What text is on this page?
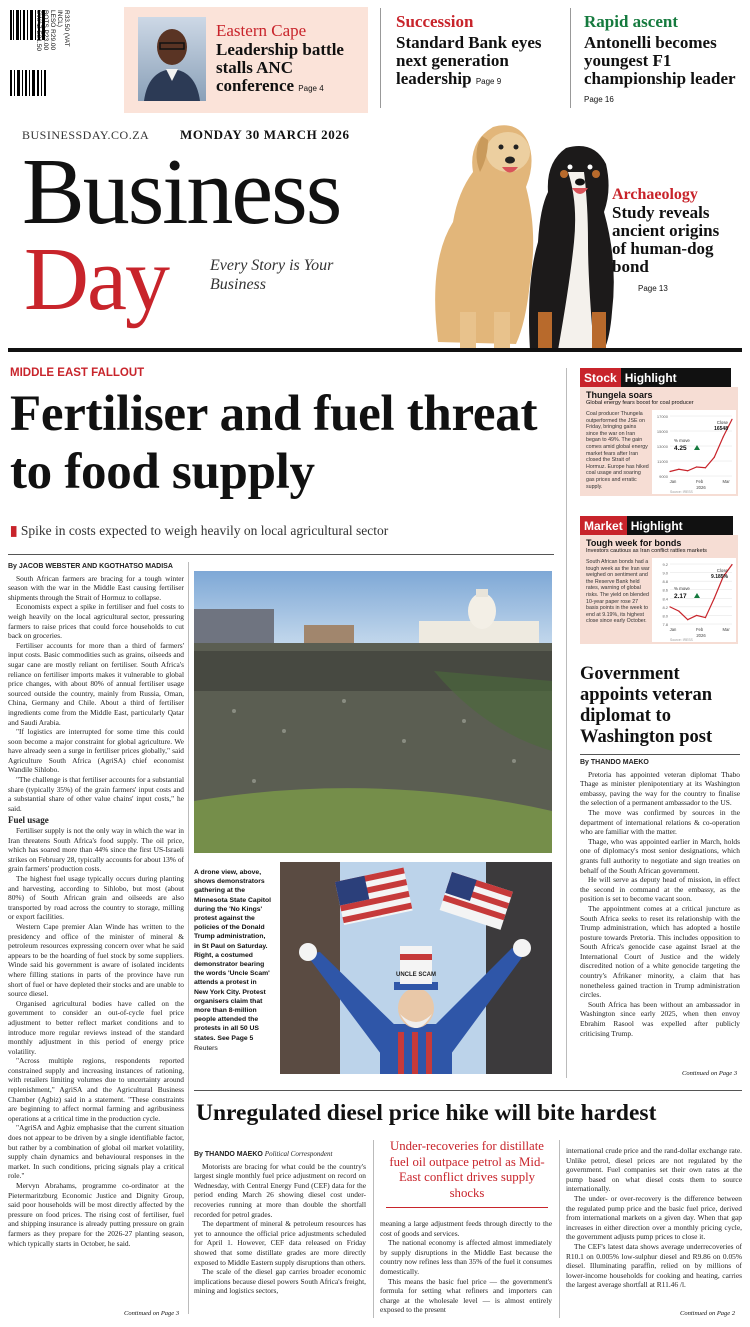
R33.50 (VAT
INCL)
LESO R29.00
BOTS P23.00
SWAZ E31.50	Eastern Cape
Leadership battle stalls ANC conference Page 4
Succession
Standard Bank eyes next generation leadership Page 9
Rapid ascent
Antonelli becomes youngest F1 championship leader Page 16
BUSINESSDAY.CO.ZA MONDAY 30 MARCH 2026
Business
Day	Every Story is Your Business
Archaeology
Study reveals ancient origins of human-dog bond
Page 13
MIDDLE EAST FALLOUT
Fertiliser and fuel threat to food supply
▮ Spike in costs expected to weigh heavily on local agricultural sector
By JACOB WEBSTER AND KGOTHATSO MADISA

South African farmers are bracing for a tough winter season with the war in the Middle East causing fertiliser shipments through the Strait of Hormuz to collapse.

Economists expect a spike in fertiliser and fuel costs to weigh heavily on the local agricultural sector, pressuring farmers to raise prices that could force households to cut back on groceries.

Fertiliser accounts for more than a third of farmers' input costs. Basic commodities such as grains, oilseeds and sugar cane are mostly reliant on fertiliser. South Africa's reliance on fertiliser imports makes it vulnerable to global price changes, with about 80% of annual fertiliser usage sourced outside the country, mainly from Russia, Oman, China, Germany and Chile. About a third of fertiliser ingredients come from the Middle East, particularly Qatar and Saudi Arabia.

"If logistics are interrupted for some time this could soon become a major constraint for global agriculture. We have already seen a surge in fertiliser prices globally," said Agriculture South Africa (AgriSA) chief economist Wandile Sihlobo.

"The challenge is that fertiliser accounts for a substantial share (typically 35%) of the grain farmers' input costs and a substantial share of other value chains' input costs," he said.

Fuel usage

Fertiliser supply is not the only way in which the war in Iran threatens South Africa's food supply. The oil price, which has soared more than 44% since the first US-Israeli strikes on February 28, typically accounts for about 13% of grain farmers' production costs.

The highest fuel usage typically occurs during planting and harvesting, according to Sihlobo, but most (about 80%) of South African grain and oilseeds are also transported by road across the country to storage, milling or export facilities.

Western Cape premier Alan Winde has written to the presidency and office of the minister of mineral & petroleum resources expressing concern over what he said appears to be the hoarding of fuel stock by some suppliers. Winde said his government is aware of isolated incidents where filling stations in parts of the province have run short of fuel or have depleted their stocks and are unable to source diesel.

Organised agricultural bodies have called on the government to consider an out-of-cycle fuel price adjustment to better reflect market conditions and to introduce more regular reviews instead of the standard monthly adjustment in this period of energy price volatility.

"Across multiple regions, respondents reported constrained supply and increasing instances of rationing, with retailers limiting volumes due to uncertainty around replenishment," AgriSA and the Agricultural Business Chamber (Agbiz) said in a statement. "These constraints are beginning to affect normal farming and agribusiness operations at a critical time in the production cycle.

"AgriSA and Agbiz emphasise that the current situation does not appear to be driven by a single identifiable factor, but rather by a combination of global oil market volatility, supply chain dynamics and behavioural responses in the market. In such conditions, pricing signals play a critical role."

Mervyn Abrahams, programme co-ordinator at the Pietermaritzburg Economic Justice and Dignity Group, said poor households will be most directly affected by the pressure on food prices. The rising cost of fertiliser, fuel and shipping insurance is already putting pressure on grain farmers as they prepare for the 2026-27 planting season, which typically starts in October, he said.

Continued on Page 3
A drone view, above, shows demonstrators gathering at the Minnesota State Capitol during the 'No Kings' protest against the policies of the Donald Trump administration, in St Paul on Saturday. Right, a costumed demonstrator bearing the words 'Uncle Scam' attends a protest in New York City. Protest organisers claim that more than 8-million people attended the protests in all 50 US states. See Page 5
Reuters
UNCLE SCAM
Stock Highlight
Thungela soars
Global energy fears boost for coal producer
Coal producer Thungela outperformed the JSE on Friday, bringing gains since the war on Iran began to 49%. The gain comes amid global energy market fears after Iran closed the Strait of Hormuz. Europe has hiked coal usage and soaring gas prices and erratic supply.
17000
15000
13000
11000
9000
Jan	Feb	Mar
2026
Source: IRESS
Close
16548
% move
4.25
Market Highlight
Tough week for bonds
Investors cautious as Iran conflict rattles markets
South African bonds had a tough week as the Iran war weighed on sentiment and the Reserve Bank held rates, warning of global risks. The yield on blended 10-year paper rose 27 basis points in the week to end at 9.19%, its highest close since early October.
9.2
9.0
8.8
8.6
8.4
8.2
8.0
7.8
Jan	Feb	Mar
2026
Source: IRESS
Close
9.185%
% move
2.17
Government appoints veteran diplomat to Washington post
By THANDO MAEKO

Pretoria has appointed veteran diplomat Thabo Thage as minister plenipotentiary at its Washington embassy, paving the way for the country to finalise the selection of a permanent ambassador to the US.

The move was confirmed by sources in the department of international relations & co-operation who are familiar with the matter.

Thage, who was appointed earlier in March, holds one of diplomacy's most senior designations, which grants full authority to negotiate and sign treaties on behalf of the South African government.

He will serve as deputy head of mission, in effect the second in command at the embassy, as the position is set to become vacant soon.

The appointment comes at a critical juncture as South Africa seeks to reset its relationship with the Trump administration, which has adopted a hostile posture towards Pretoria. This includes opposition to South Africa's genocide case against Israel at the International Court of Justice and the widely discredited notion of a white genocide targeting the country's Afrikaner minority, a claim that has nonetheless gained traction in Trump administration circles.

South Africa has been without an ambassador in Washington since early 2025, when then envoy Ebrahim Rasool was expelled after publicly criticising Trump.

Continued on Page 3
Unregulated diesel price hike will bite hardest
By THANDO MAEKO Political Correspondent

Motorists are bracing for what could be the country's largest single monthly fuel price adjustment on record on Wednesday, with Central Energy Fund (CEF) data for the period ending March 26 showing diesel cost under-recoveries running at more than double the shortfall recorded for petrol grades.

The department of mineral & petroleum resources has yet to announce the official price adjustments scheduled for April 1. However, CEF data released on Friday showed that some distillate grades are more directly exposed to Middle Eastern supply disruptions than others.

The scale of the diesel gap carries broader economic implications because diesel powers South Africa's freight, mining and logistics sectors,

Under-recoveries for distillate fuel oil outpace petrol as Mid-East conflict drives supply shocks

meaning a large adjustment feeds through directly to the cost of goods and services.

The national economy is affected almost immediately by supply disruptions in the Middle East because the country now refines less than 35% of the fuel it consumes domestically.

This means the basic fuel price — the government's formula for setting what refiners and importers can charge at the wholesale level — is almost entirely exposed to the present

international crude price and the rand-dollar exchange rate. Unlike petrol, diesel prices are not regulated by the government. Fuel companies set their own rates at the pump based on what diesel costs them to source internationally.

The under- or over-recovery is the difference between the regulated pump price and the basic fuel price, derived from international markets on a given day. When that gap increases in either direction over a monthly pricing cycle, the government adjusts pump prices to close it.

The CEF's latest data shows average underrecoveries of R10.1 on 0.005% low-sulphur diesel and R9.86 on 0.05% diesel. Illuminating paraffin, relied on by millions of lower-income households for cooking and heating, carries the largest average shortfall at R11.46 /l.

Continued on Page 2
